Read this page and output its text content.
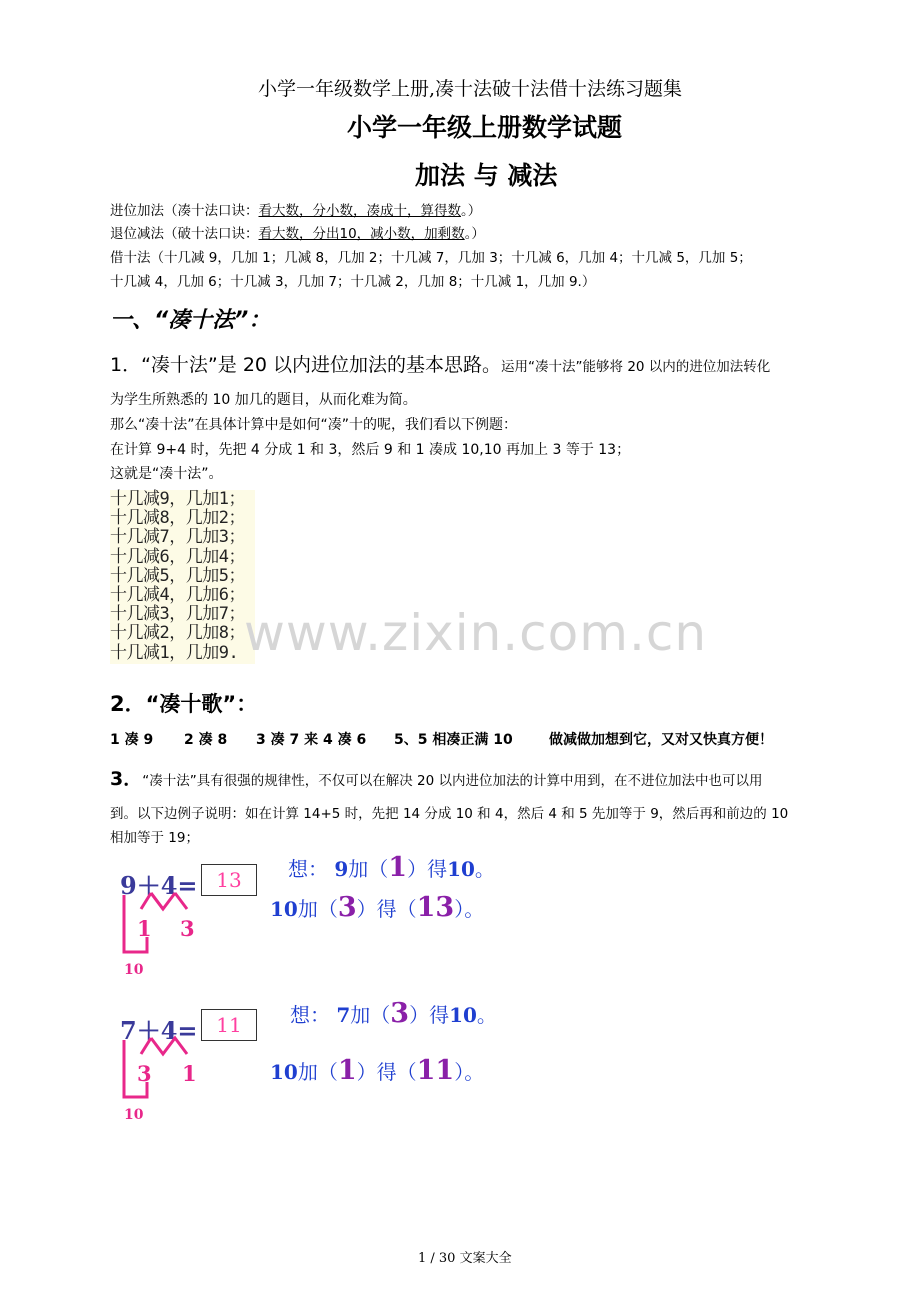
小学一年级数学上册,凑十法破十法借十法练习题集
小学一年级上册数学试题
加法 与 减法
进位加法（凑十法口诀：看大数，分小数，凑成十，算得数。）
退位减法（破十法口诀：看大数，分出10，减小数，加剩数。）
借十法（十几减 9，几加 1；几减 8，几加 2；十几减 7，几加 3；十几减 6，几加 4；十几减 5，几加 5；
十几减 4，几加 6；十几减 3，几加 7；十几减 2，几加 8；十几减 1，几加 9.）
一、“凑十法”：
1．“凑十法”是 20 以内进位加法的基本思路。运用“凑十法”能够将 20 以内的进位加法转化
为学生所熟悉的 10 加几的题目，从而化难为简。
那么“凑十法”在具体计算中是如何“凑”十的呢，我们看以下例题：
在计算 9+4 时，先把 4 分成 1 和 3，然后 9 和 1 凑成 10,10 再加上 3 等于 13；
这就是“凑十法”。
十几减9，几加1；
十几减8，几加2；
十几减7，几加3；
十几减6，几加4；
十几减5，几加5；
十几减4，几加6；
十几减3，几加7；
十几减2，几加8；
十几减1，几加9. www.zixin.com.cn
2．“凑十歌”：
1 凑 9 2 凑 8 3 凑 7 来 4 凑 6 5、5 相凑正满 10	做减做加想到它，又对又快真方便！
3．“凑十法”具有很强的规律性，不仅可以在解决 20 以内进位加法的计算中用到，在不进位加法中也可以用
到。以下边例子说明：如在计算 14+5 时，先把 14 分成 10 和 4，然后 4 和 5 先加等于 9，然后再和前边的 10
相加等于 19；
9＋4= 13
1 3
10
想： 9加（1）得10。
10加（3）得（13）。
7＋4= 11
3 1
10
想： 7加（3）得10。
10加（1）得（11）。
1 / 30 文案大全
